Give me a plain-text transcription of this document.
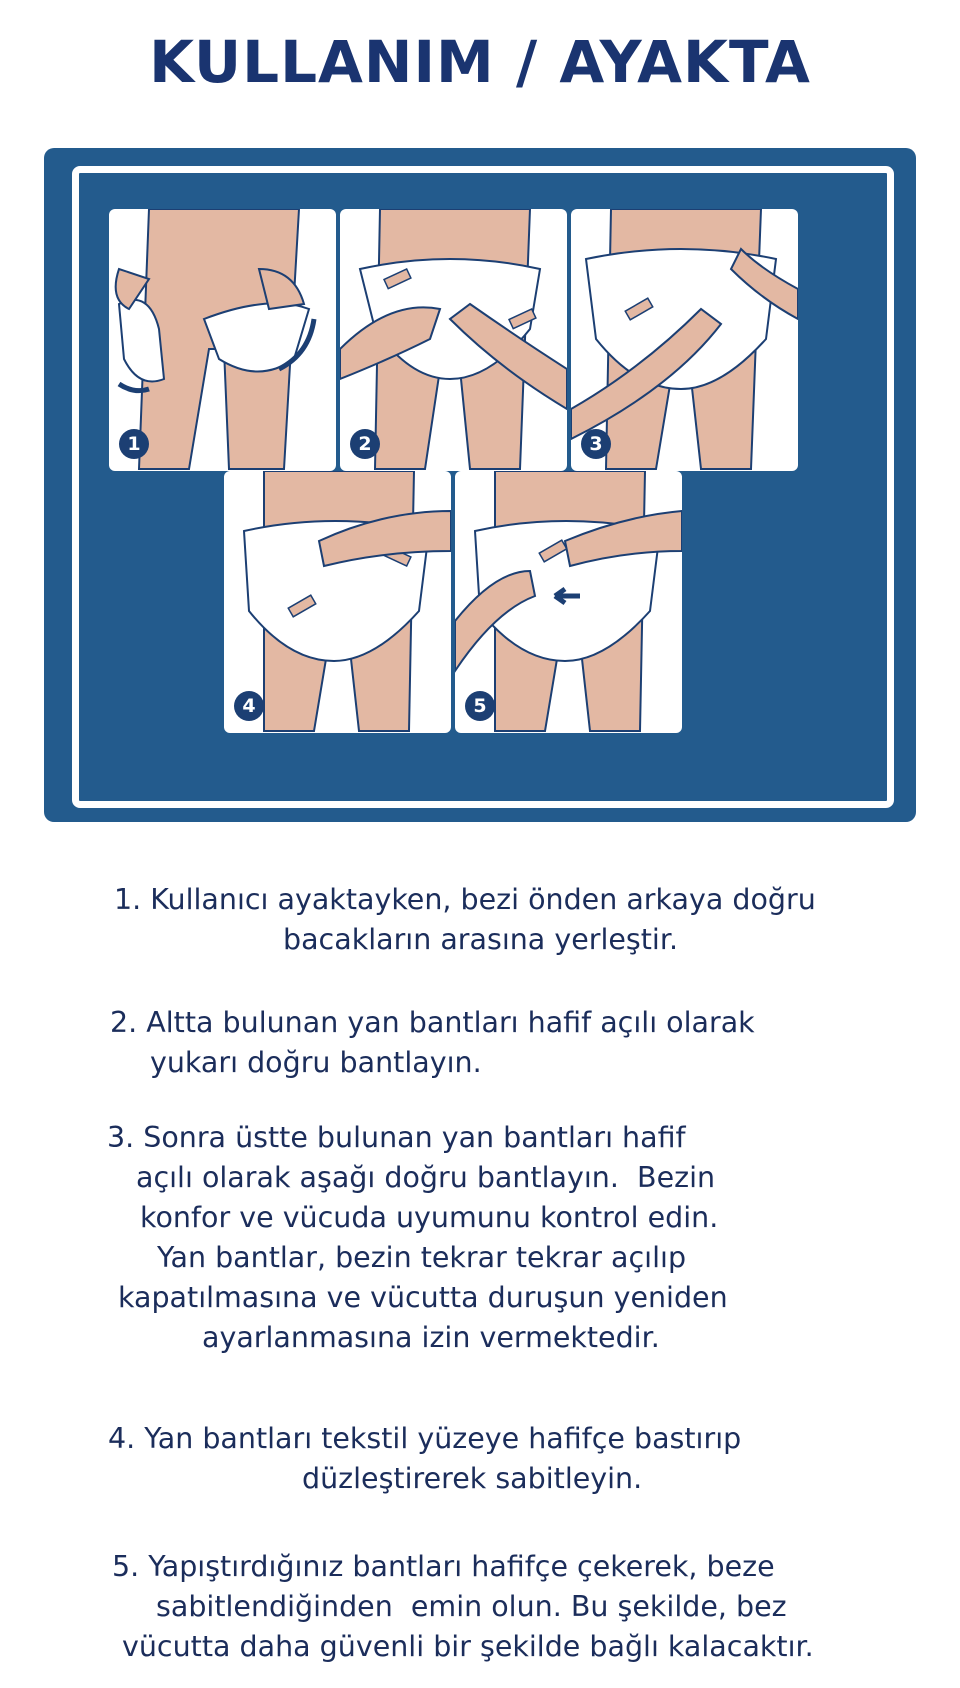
KULLANIM / AYAKTA
1	2	3
4	5
1. Kullanıcı ayaktayken, bezi önden arkaya doğru
bacakların arasına yerleştir.
2. Altta bulunan yan bantları hafif açılı olarak
yukarı doğru bantlayın.
3. Sonra üstte bulunan yan bantları hafif
açılı olarak aşağı doğru bantlayın.  Bezin
konfor ve vücuda uyumunu kontrol edin.
Yan bantlar, bezin tekrar tekrar açılıp
kapatılmasına ve vücutta duruşun yeniden
ayarlanmasına izin vermektedir.
4. Yan bantları tekstil yüzeye hafifçe bastırıp
düzleştirerek sabitleyin.
5. Yapıştırdığınız bantları hafifçe çekerek, beze
sabitlendiğinden  emin olun. Bu şekilde, bez
vücutta daha güvenli bir şekilde bağlı kalacaktır.
